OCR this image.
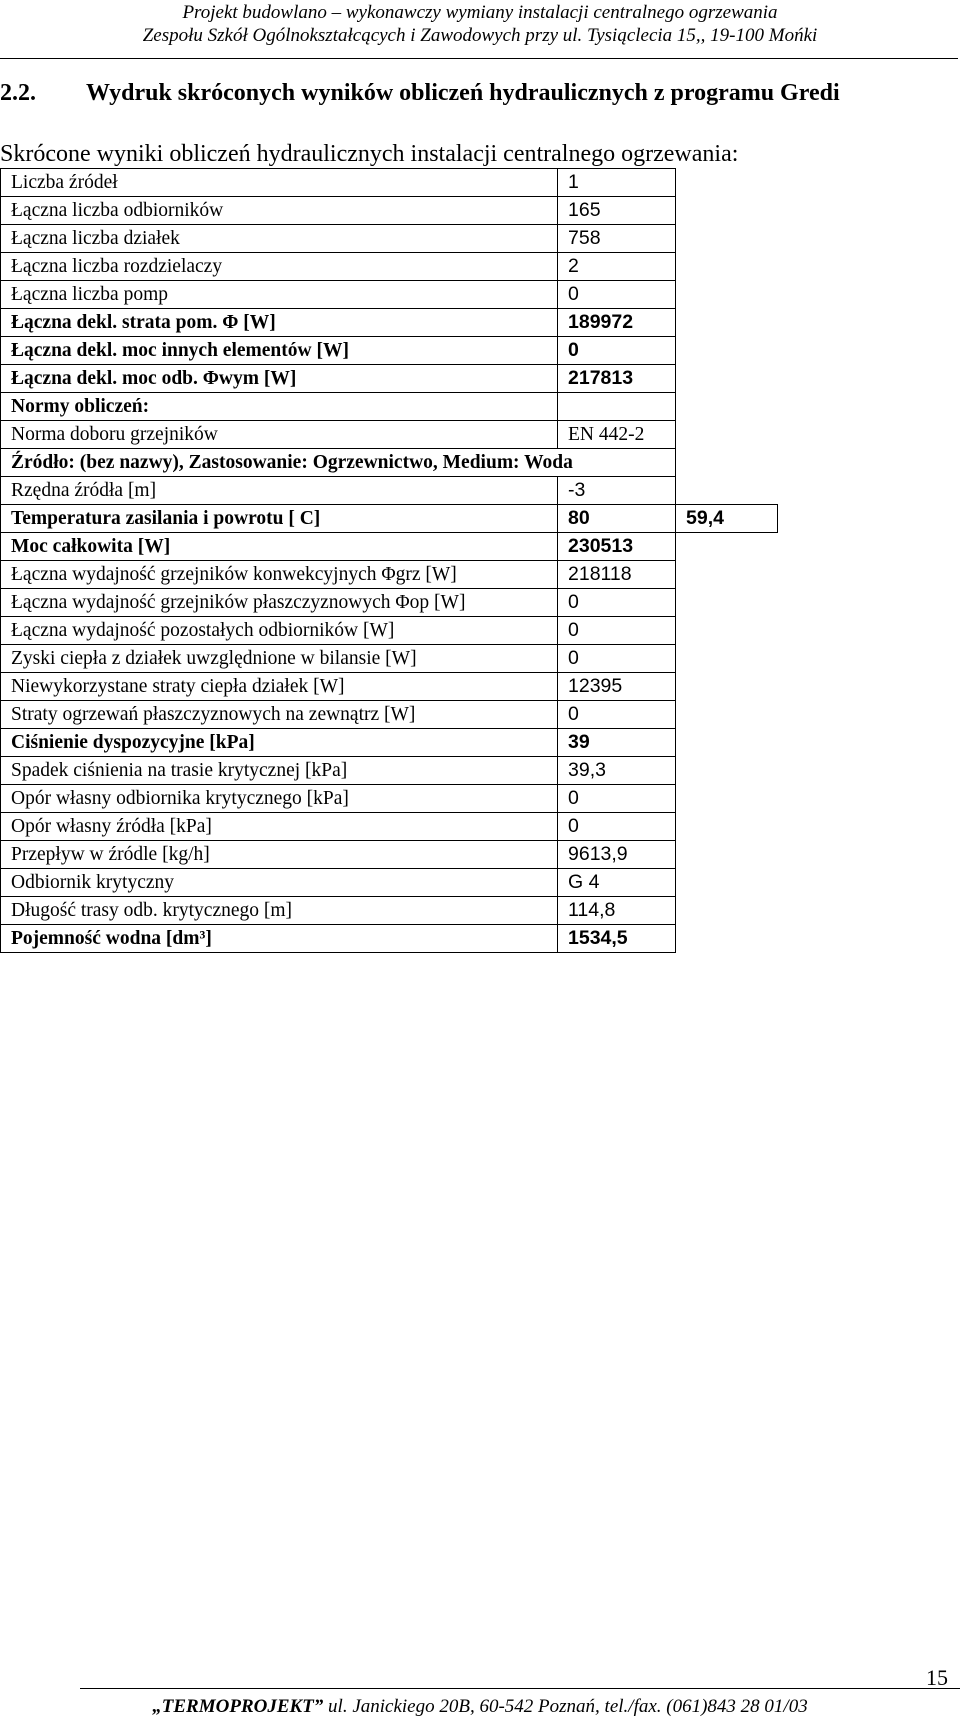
Projekt budowlano – wykonawczy wymiany instalacji centralnego ogrzewania
Zespołu Szkół Ogólnokształcących i Zawodowych przy ul. Tysiąclecia 15,, 19-100 Mońki
2.2. Wydruk skróconych wyników obliczeń hydraulicznych z programu Gredi
Skrócone wyniki obliczeń hydraulicznych instalacji centralnego ogrzewania:
Liczba źródeł	1	
Łączna liczba odbiorników	165	
Łączna liczba działek	758	
Łączna liczba rozdzielaczy	2	
Łączna liczba pomp	0	
Łączna dekl. strata pom. Φ [W]	189972	
Łączna dekl. moc innych elementów [W]	0	
Łączna dekl. moc odb. Φwym [W]	217813	
Normy obliczeń:		
Norma doboru grzejników	EN 442-2	
Źródło: (bez nazwy), Zastosowanie: Ogrzewnictwo, Medium: Woda		
Rzędna źródła [m]	-3	
Temperatura zasilania i powrotu [ C]	80	59,4
Moc całkowita [W]	230513	
Łączna wydajność grzejników konwekcyjnych Φgrz [W]	218118	
Łączna wydajność grzejników płaszczyznowych Φop [W]	0	
Łączna wydajność pozostałych odbiorników [W]	0	
Zyski ciepła z działek uwzględnione w bilansie [W]	0	
Niewykorzystane straty ciepła działek [W]	12395	
Straty ogrzewań płaszczyznowych na zewnątrz [W]	0	
Ciśnienie dyspozycyjne [kPa]	39	
Spadek ciśnienia na trasie krytycznej [kPa]	39,3	
Opór własny odbiornika krytycznego [kPa]	0	
Opór własny źródła [kPa]	0	
Przepływ w źródle [kg/h]	9613,9	
Odbiornik krytyczny	G 4	
Długość trasy odb. krytycznego [m]	114,8	
Pojemność wodna [dm³]	1534,5	
15
„TERMOPROJEKT” ul. Janickiego 20B, 60-542 Poznań, tel./fax. (061)843 28 01/03
